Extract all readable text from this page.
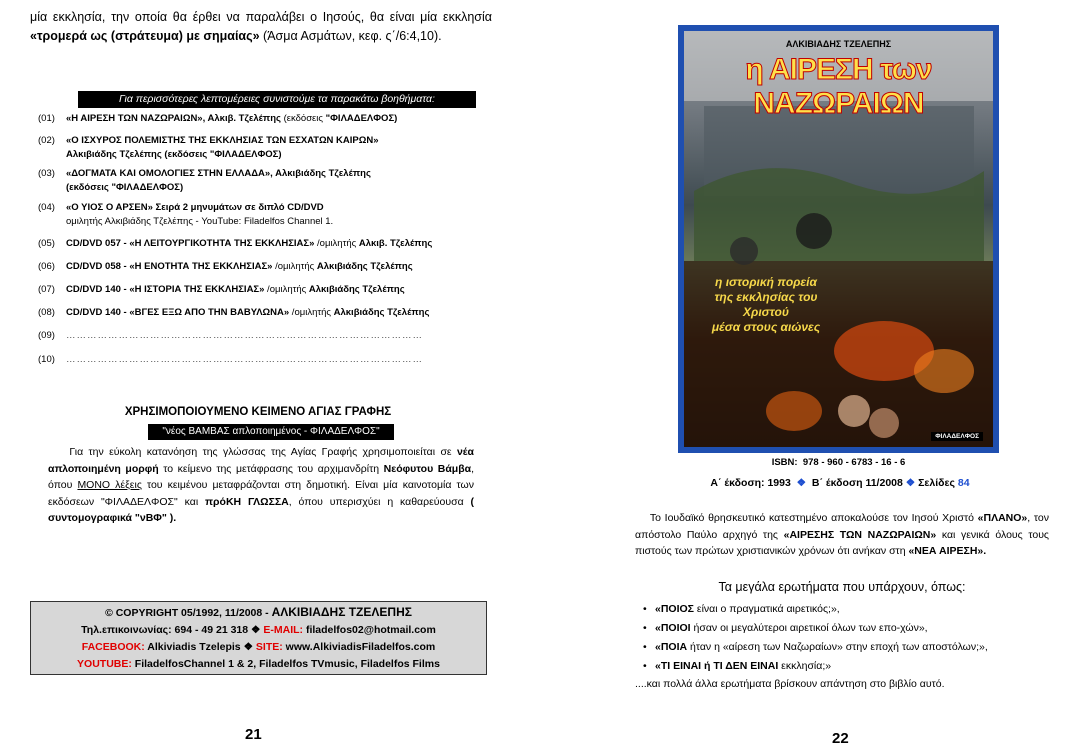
μία εκκλησία, την οποία θα έρθει να παραλάβει ο Ιησούς, θα είναι μία εκκλησία «τρομερά ως (στράτευμα) με σημαίας» (Άσμα Ασμάτων, κεφ. ς΄/6:4,10).
Για περισσότερες λεπτομέρειες συνιστούμε τα παρακάτω βοηθήματα:
(01) «Η ΑΙΡΕΣΗ ΤΩΝ ΝΑΖΩΡΑΙΩΝ», Αλκιβ. Τζελέπης (εκδόσεις "ΦΙΛΑΔΕΛΦΟΣ)
(02) «Ο ΙΣΧΥΡΟΣ ΠΟΛΕΜΙΣΤΗΣ ΤΗΣ ΕΚΚΛΗΣΙΑΣ ΤΩΝ ΕΣΧΑΤΩΝ ΚΑΙΡΩΝ»
Αλκιβιάδης Τζελέπης (εκδόσεις "ΦΙΛΑΔΕΛΦΟΣ)
(03) «ΔΟΓΜΑΤΑ ΚΑΙ ΟΜΟΛΟΓΙΕΣ ΣΤΗΝ ΕΛΛΑΔΑ», Αλκιβιάδης Τζελέπης
(εκδόσεις "ΦΙΛΑΔΕΛΦΟΣ)
(04) «Ο ΥΙΟΣ Ο ΑΡΣΕΝ» Σειρά 2 μηνυμάτων σε διπλό CD/DVD
ομιλητής Αλκιβιάδης Τζελέπης - YouTube: Filadelfos Channel 1.
(05) CD/DVD 057 - «Η ΛΕΙΤΟΥΡΓΙΚΟΤΗΤΑ ΤΗΣ ΕΚΚΛΗΣΙΑΣ» /ομιλητής Αλκιβ. Τζελέπης
(06) CD/DVD 058 - «Η ΕΝΟΤΗΤΑ ΤΗΣ ΕΚΚΛΗΣΙΑΣ» /ομιλητής Αλκιβιάδης Τζελέπης
(07) CD/DVD 140 - «Η ΙΣΤΟΡΙΑ ΤΗΣ ΕΚΚΛΗΣΙΑΣ» /ομιλητής Αλκιβιάδης Τζελέπης
(08) CD/DVD 140 - «ΒΓΕΣ ΕΞΩ ΑΠΟ ΤΗΝ ΒΑΒΥΛΩΝΑ» /ομιλητής Αλκιβιάδης Τζελέπης
(09) …………………………………………………………………………………………
(10) …………………………………………………………………………………………
ΧΡΗΣΙΜΟΠΟΙΟΥΜΕΝΟ ΚΕΙΜΕΝΟ ΑΓΙΑΣ ΓΡΑΦΗΣ
"νέος ΒΑΜΒΑΣ απλοποιημένος - ΦΙΛΑΔΕΛΦΟΣ"
Για την εύκολη κατανόηση της γλώσσας της Αγίας Γραφής χρησιμοποιείται σε νέα απλοποιημένη μορφή το κείμενο της μετάφρασης του αρχιμανδρίτη Νεόφυτου Βάμβα, όπου ΜΟΝΟ λέξεις του κειμένου μεταφράζονται στη δημοτική. Είναι μία καινοτομία των εκδόσεων "ΦΙΛΑΔΕΛΦΟΣ" και πρόΚΗ ΓΛΩΣΣΑ, όπου υπερισχύει η καθαρεύουσα ( συντομογραφικά "νΒΦ" ).
© COPYRIGHT 05/1992, 11/2008 - ΑΛΚΙΒΙΑΔΗΣ ΤΖΕΛΕΠΗΣ
Τηλ.επικοινωνίας: 694 - 49 21 318 ❖ E-MAIL: filadelfos02@hotmail.com
FACEBOOK: Alkiviadis Tzelepis ❖ SITE: www.AlkiviadisFiladelfos.com
YOUTUBE: FiladelfosChannel 1 & 2, Filadelfos TVmusic, Filadelfos Films
21
ΑΛΚΙΒΙΑΔΗΣ ΤΖΕΛΕΠΗΣ
η ΑΙΡΕΣΗ των ΝΑΖΩΡΑΙΩΝ
η ιστορική πορεία
της εκκλησίας του Χριστού
μέσα στους αιώνες
ΦΙΛΑΔΕΛΦΟΣ
ISBN: 978 - 960 - 6783 - 16 - 6
Α΄ έκδοση: 1993 ❖ Β΄ έκδοση 11/2008 ❖ Σελίδες 84
Το Ιουδαϊκό θρησκευτικό κατεστημένο αποκαλούσε τον Ιησού Χριστό «ΠΛΑΝΟ», τον απόστολο Παύλο αρχηγό της «ΑΙΡΕΣΗΣ ΤΩΝ ΝΑΖΩΡΑΙΩΝ» και γενικά όλους τους πιστούς των πρώτων χριστιανικών χρόνων ότι ανήκαν στη «ΝΕΑ ΑΙΡΕΣΗ».
Τα μεγάλα ερωτήματα που υπάρχουν, όπως:
• «ΠΟΙΟΣ είναι ο πραγματικά αιρετικός;»,
• «ΠΟΙΟΙ ήσαν οι μεγαλύτεροι αιρετικοί όλων των επο-χών»,
• «ΠΟΙΑ ήταν η «αίρεση των Ναζωραίων» στην εποχή των αποστόλων;»,
• «ΤΙ ΕΙΝΑΙ ή ΤΙ ΔΕΝ ΕΙΝΑΙ εκκλησία;»
....και πολλά άλλα ερωτήματα βρίσκουν απάντηση στο βιβλίο αυτό.
22
